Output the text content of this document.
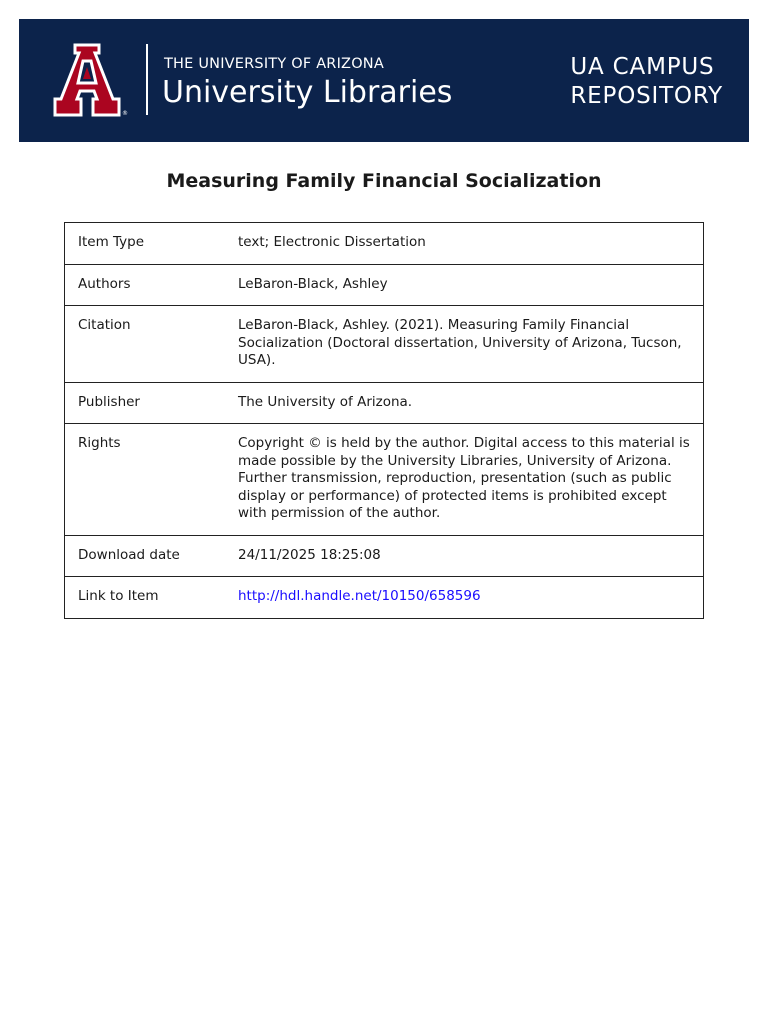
®
THE UNIVERSITY OF ARIZONA
University Libraries
UA CAMPUS
REPOSITORY
Measuring Family Financial Socialization
Item Type	text; Electronic Dissertation
Authors	LeBaron-Black, Ashley
Citation	LeBaron-Black, Ashley. (2021). Measuring Family Financial Socialization (Doctoral dissertation, University of Arizona, Tucson, USA).
Publisher	The University of Arizona.
Rights	Copyright © is held by the author. Digital access to this material is made possible by the University Libraries, University of Arizona. Further transmission, reproduction, presentation (such as public display or performance) of protected items is prohibited except with permission of the author.
Download date	24/11/2025 18:25:08
Link to Item	http://hdl.handle.net/10150/658596
